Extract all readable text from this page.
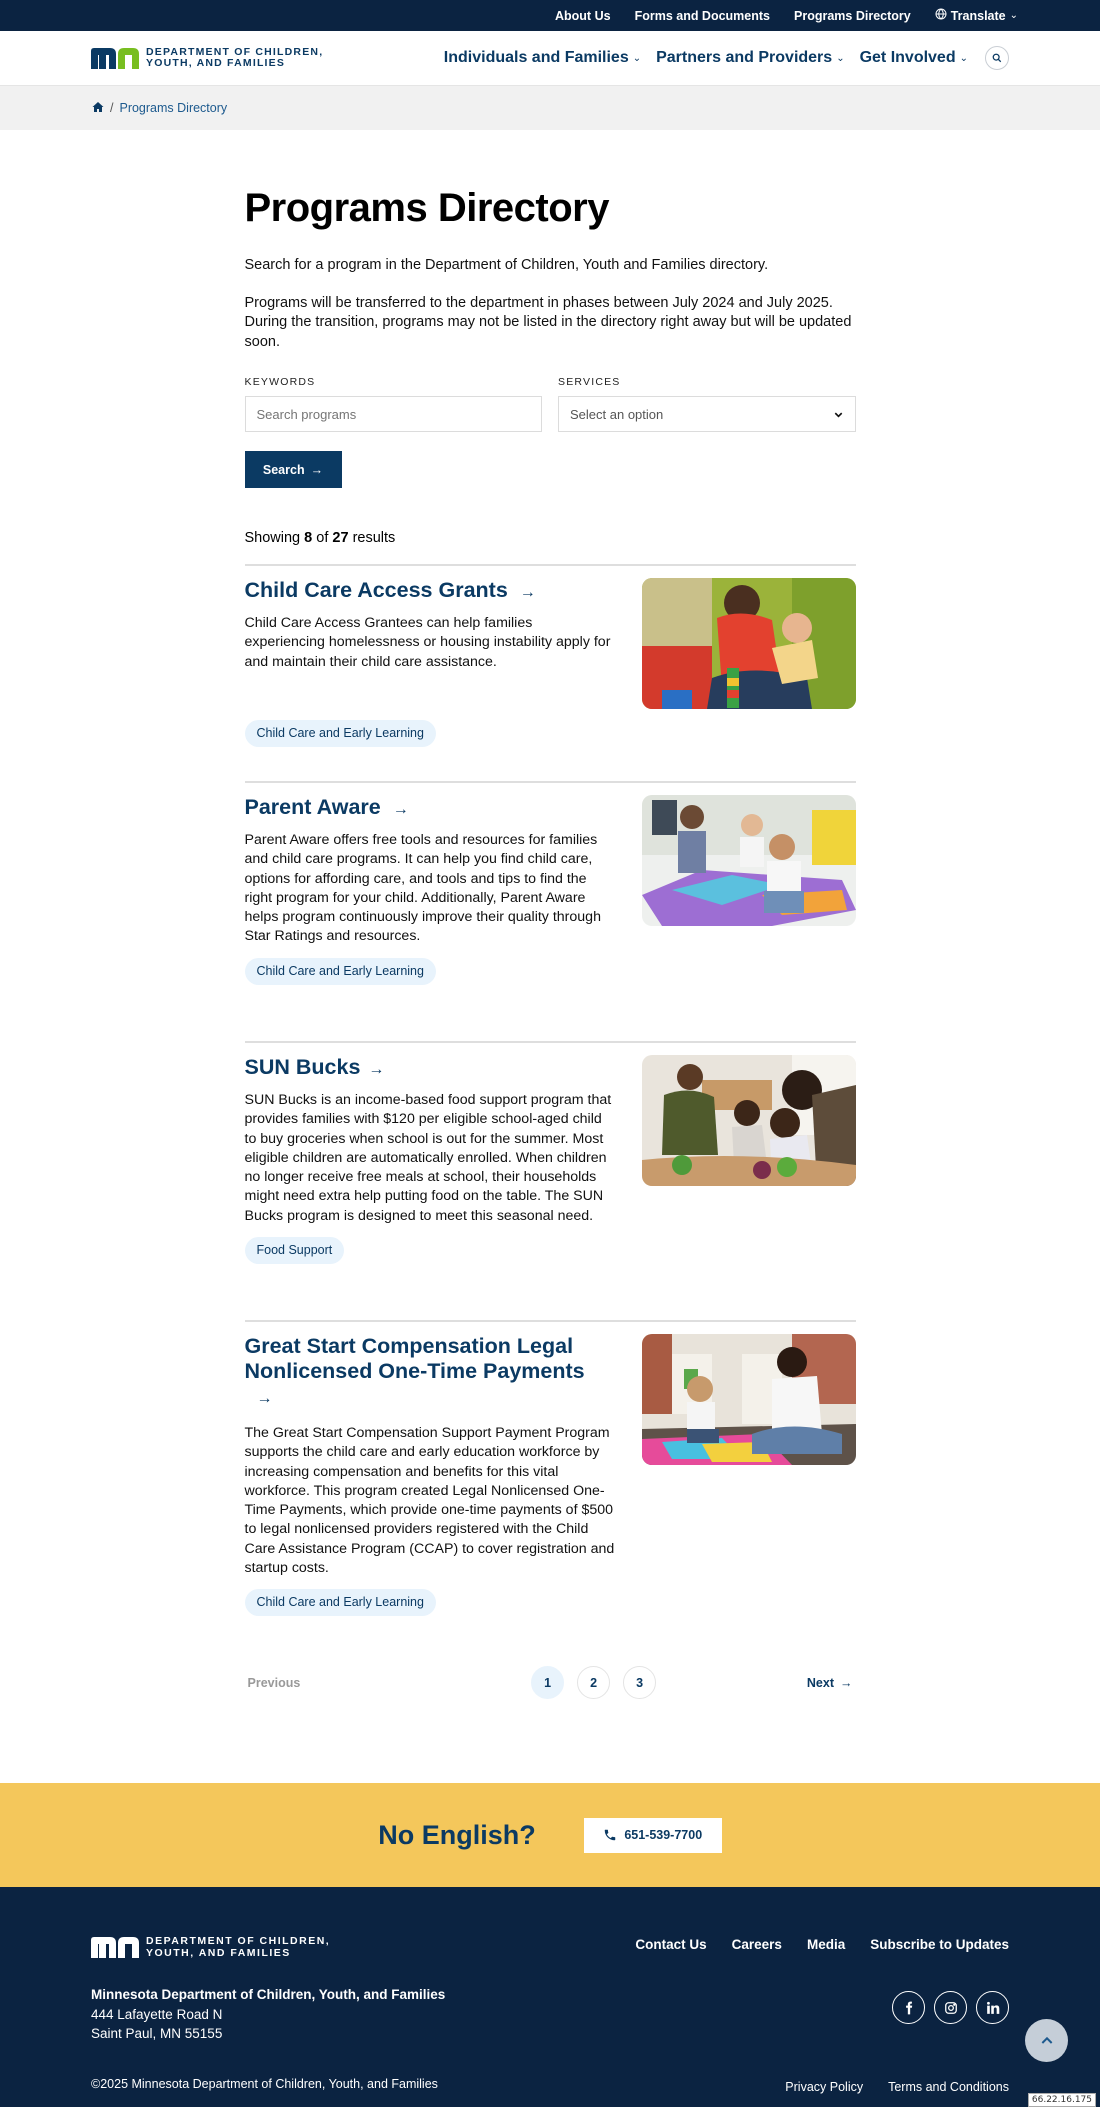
About Us Forms and Documents Programs Directory	Translate ⌄
DEPARTMENT OF CHILDREN,
YOUTH, AND FAMILIES	Individuals and Families ⌄ Partners and Providers ⌄ Get Involved ⌄
/ Programs Directory
Programs Directory

Search for a program in the Department of Children, Youth and Families directory.

Programs will be transferred to the department in phases between July 2024 and July 2025. During the transition, programs may not be listed in the directory right away but will be updated soon.

KEYWORDS
Search programs	SERVICES
Select an option
Search →
Showing 8 of 27 results
Child Care Access Grants →

Child Care Access Grantees can help families experiencing homelessness or housing instability apply for and maintain their child care assistance.

Child Care and Early Learning
Parent Aware →

Parent Aware offers free tools and resources for families and child care programs. It can help you find child care, options for affording care, and tools and tips to find the right program for your child. Additionally, Parent Aware helps program continuously improve their quality through Star Ratings and resources.

Child Care and Early Learning
SUN Bucks →

SUN Bucks is an income-based food support program that provides families with $120 per eligible school-aged child to buy groceries when school is out for the summer. Most eligible children are automatically enrolled. When children no longer receive free meals at school, their households might need extra help putting food on the table. The SUN Bucks program is designed to meet this seasonal need.

Food Support
Great Start Compensation Legal Nonlicensed One-Time Payments
→

The Great Start Compensation Support Payment Program supports the child care and early education workforce by increasing compensation and benefits for this vital workforce. This program created Legal Nonlicensed One-Time Payments, which provide one-time payments of $500 to legal nonlicensed providers registered with the Child Care Assistance Program (CCAP) to cover registration and startup costs.

Child Care and Early Learning
Previous	1	2	3	Next →
No English?	651-539-7700
DEPARTMENT OF CHILDREN,
YOUTH, AND FAMILIES
Minnesota Department of Children, Youth, and Families
444 Lafayette Road N
Saint Paul, MN 55155
Contact Us Careers Media Subscribe to Updates
©2025 Minnesota Department of Children, Youth, and Families	Privacy Policy Terms and Conditions
66.22.16.175
